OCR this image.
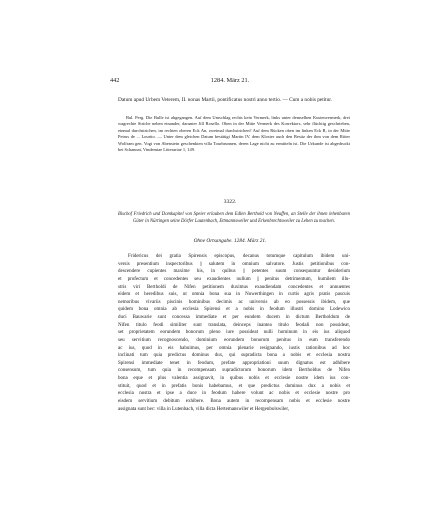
442	1284. März 21.

Datum apud Urbem Veterem, II. nonas Martii, pontificatus nostri anno tertio. — Cum a nobis petitur.

Bul. Perg. Die Bulle ist abgegangen. Auf dem Umschlag rechts kein Vermerk, links unter demselben Kustenvermerk, drei wagrechte Striche neben einander, darunter Jill Rosello. Oben in der Mitte Vermerk des Korrektors, sehr flüchtig geschrieben, einmal durchstrichen, im rechten oberen Eck An, zweimal durchstrichen? Auf dem Rücken oben im linken Eck R, in der Mitte Petrus de ... Lourtio. — Unter dem gleichen Datum bestätigt Martin IV. dem Kloster auch den Besitz der ihm von dem Ritter Wolfram gen. Vogt von Abenstein geschenkten villa Tourbrunnen, deren Lage nicht zu ermitteln ist. Die Urkunde ist abgedruckt bei Schannat, Vindemiae Litterariae 1, 149.

3322.

Bischof Friedrich und Domkapitel von Speier erlauben dem Edlen Berthold von Neuffen, an Stelle der ihnen lehenbaren Güter in Nürtingen seine Dörfer Lautenbach, Ettmannsweiler und Erkenbrechtsweiler zu Lehen zu machen.

Ohne Ortsangabe. 1284. März 21.

Fridericus dei gratia Spirensis episcopus, decanus totumque capitulum ibidem uni-
versis presentium inspectoribus || salutem in omnium salvatore. Justis petitionibus con-
descendere cupientes maxime his, in quibus || petentes suum consequuntur desiderium
et profectum et concedentes seu exaudientes nullum || penitus detrimentum, humilem illu-
stris viri Bertholdi de Nifen petitionem duximus exaudiendam concedentes et annuentes
eidem et heredibus suis, ut omnia bona sua in Nuwerthingen in curtis agris pratis pascuis
nemoribus vivariis piscinis hominibus decimis ac universis ab eo possessis ibidem, que
quidem bona omnia ab ecclesia Spirensi et a nobis in feodum illustri domino Lodewico
duci Bauwarie sunt concessa immediate et per eundem ducem in dictum Bertholdum de
Nifen titulo feodi similiter sunt translata, deinceps inantea titulo feodali non possideat,
set proprietatem eorundem bonorum pleno iure possideat nulli hominum in eis ius aliquod
seu servitium recognoscendo, dominium eorundem bonorum penitus in eum transferendo
ac ius, quod in eis habuimus, per omnia plenarie resignando, iustis rationibus ad hoc
inclinati tum quia predictus dominus dux, qui supradicta bona a nobis et ecclesia nostra
Spirensi immediate tenet in feodum, prefate appropriationi suum dignatus est adhibere
consensum, tum quia in recompensam supradictorum bonorum idem Bertholdus de Nifen
bona eque et plus valentia assignavit, in quibus nobis et ecclesie nostre idem ius con-
stituit, quod et in prefatis bonis habebamus, et que predictus dominus dux a nobis et
ecclesia nostra et ipse a duce in feodum habere volunt ac nobis et ecclesie nostre pro
eisdem servitium debitum exhibere. Bona autem in recompensam nobis et ecclesie nostre
assignata sunt hec: villa in Lutenbach, villa dicta Hertemanswiler et Hergenbolswiler,
